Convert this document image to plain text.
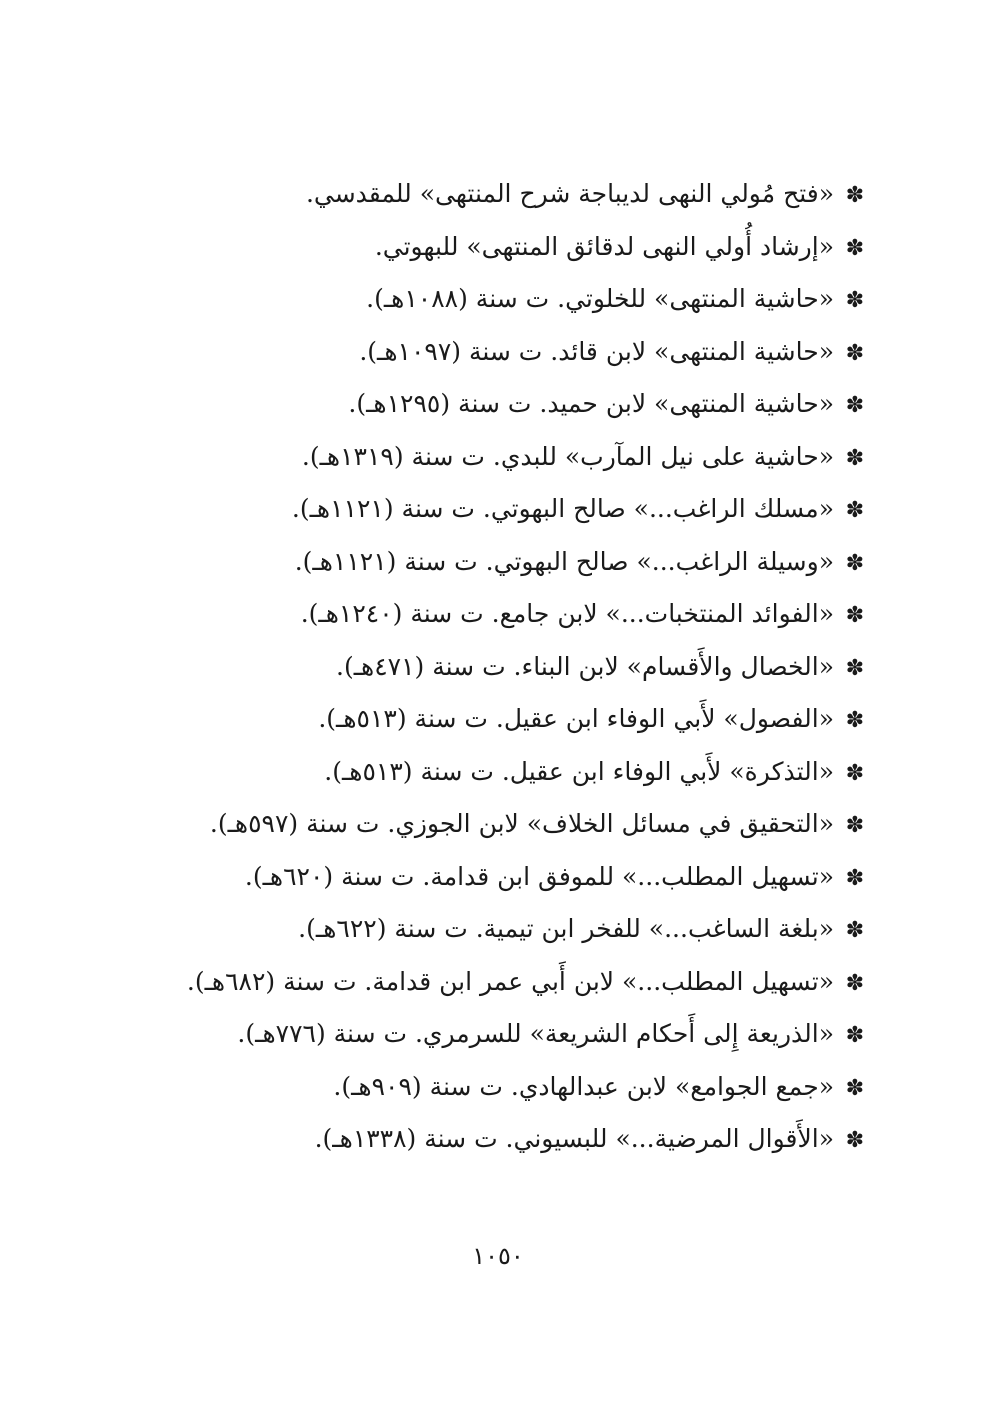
✽«فتح مُولي النهى لديباجة شرح المنتهى» للمقدسي.
✽«إرشاد أُولي النهى لدقائق المنتهى» للبهوتي.
✽«حاشية المنتهى» للخلوتي. ت سنة (١٠٨٨هـ).
✽«حاشية المنتهى» لابن قائد. ت سنة (١٠٩٧هـ).
✽«حاشية المنتهى» لابن حميد. ت سنة (١٢٩٥هـ).
✽«حاشية على نيل المآرب» للبدي. ت سنة (١٣١٩هـ).
✽«مسلك الراغب...» صالح البهوتي. ت سنة (١١٢١هـ).
✽«وسيلة الراغب...» صالح البهوتي. ت سنة (١١٢١هـ).
✽«الفوائد المنتخبات...» لابن جامع. ت سنة (١٢٤٠هـ).
✽«الخصال والأَقسام» لابن البناء. ت سنة (٤٧١هـ).
✽«الفصول» لأَبي الوفاء ابن عقيل. ت سنة (٥١٣هـ).
✽«التذكرة» لأَبي الوفاء ابن عقيل. ت سنة (٥١٣هـ).
✽«التحقيق في مسائل الخلاف» لابن الجوزي. ت سنة (٥٩٧هـ).
✽«تسهيل المطلب...» للموفق ابن قدامة. ت سنة (٦٢٠هـ).
✽«بلغة الساغب...» للفخر ابن تيمية. ت سنة (٦٢٢هـ).
✽«تسهيل المطلب...» لابن أَبي عمر ابن قدامة. ت سنة (٦٨٢هـ).
✽«الذريعة إِلى أَحكام الشريعة» للسرمري. ت سنة (٧٧٦هـ).
✽«جمع الجوامع» لابن عبدالهادي. ت سنة (٩٠٩هـ).
✽«الأَقوال المرضية...» للبسيوني. ت سنة (١٣٣٨هـ).
١٠٥٠
